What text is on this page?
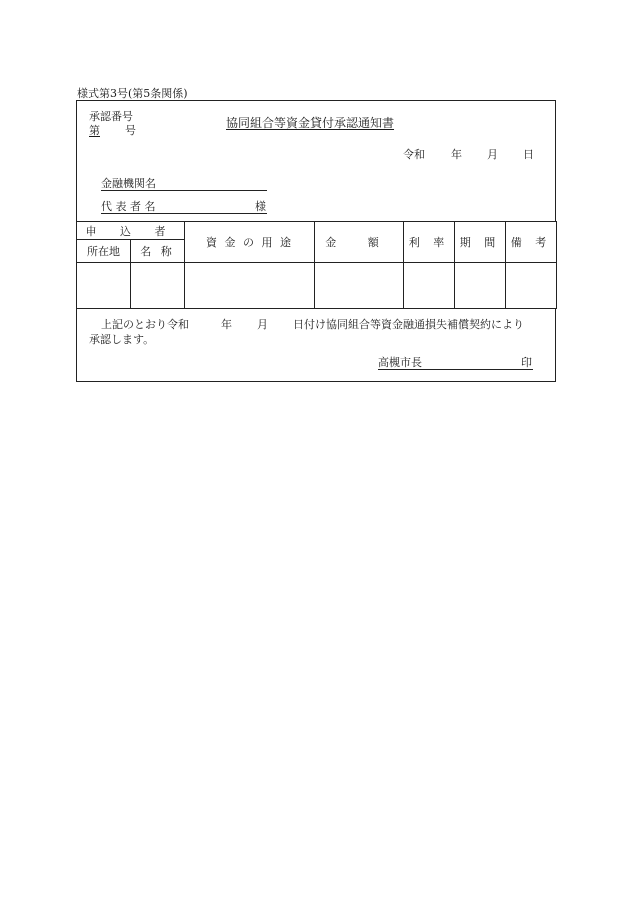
様式第3号(第5条関係)
承認番号
第 号
協同組合等資金貸付承認通知書
令和 年 月 日
金融機関名
代 表 者 名	様
申 込 者		資 金 の 用 途	金 額	利 率	期 間	備 考
所在地	名 称					

上記のとおり令和	年 月 日付け協同組合等資金融通損失補償契約により
承認します。
高槻市長	印
